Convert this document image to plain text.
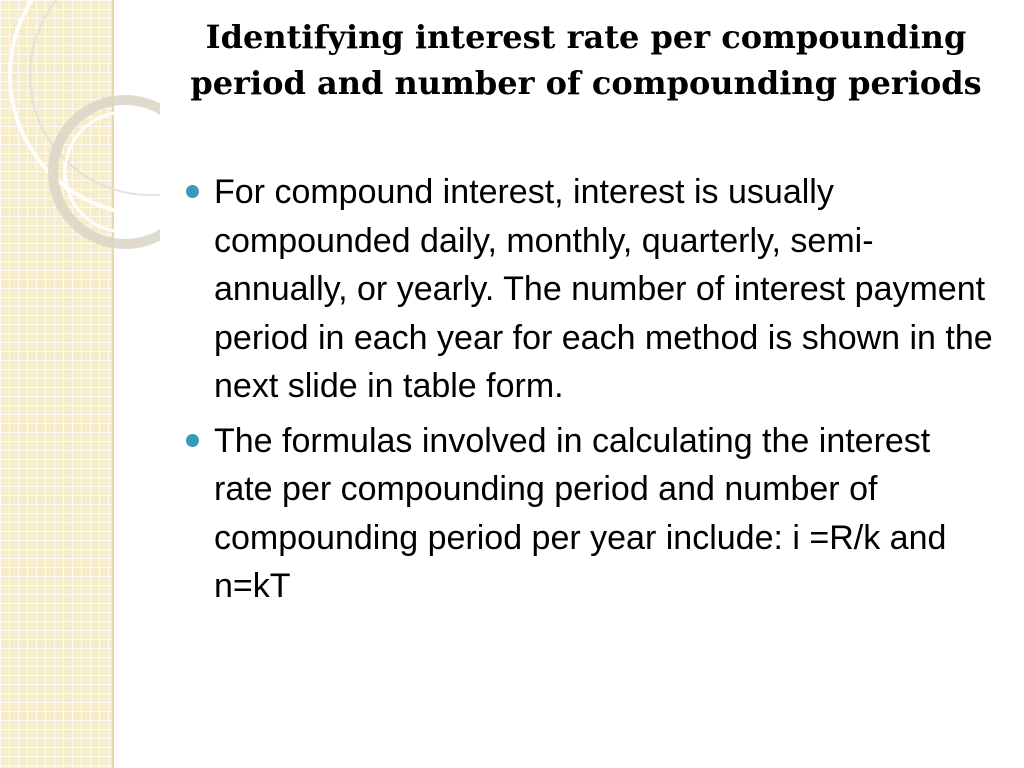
Identifying interest rate per compounding period and number of compounding periods
For compound interest, interest is usually compounded daily, monthly, quarterly, semi-annually, or yearly. The number of interest payment period in each year for each method is shown in the next slide in table form.
The formulas involved in calculating the interest rate per compounding period and number of compounding period per year include: i =R/k and n=kT
